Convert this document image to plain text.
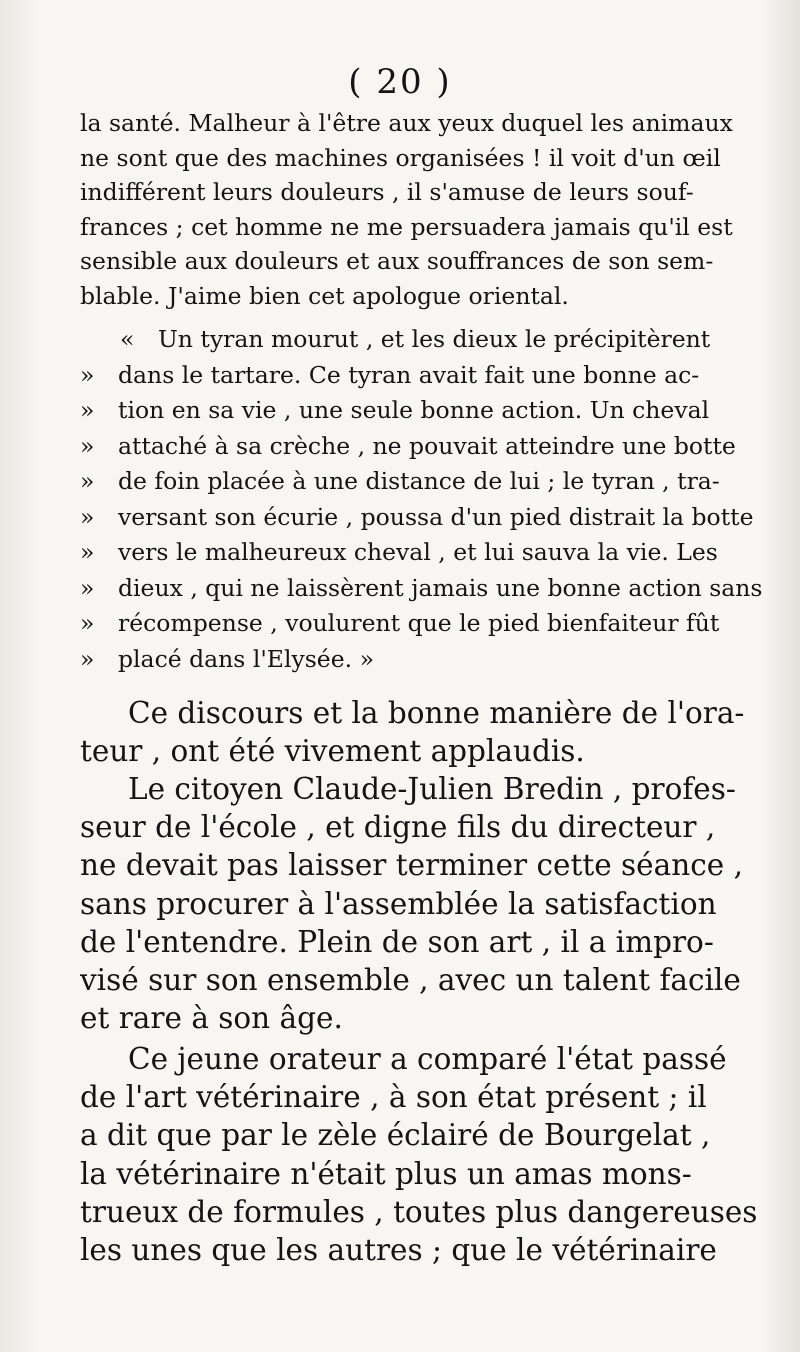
( 20 )
la santé. Malheur à l'être aux yeux duquel les animaux
ne sont que des machines organisées ! il voit d'un œil
indifférent leurs douleurs , il s'amuse de leurs souf-
frances ; cet homme ne me persuadera jamais qu'il est
sensible aux douleurs et aux souffrances de son sem-
blable. J'aime bien cet apologue oriental.
« Un tyran mourut , et les dieux le précipitèrent
» dans le tartare. Ce tyran avait fait une bonne ac-
» tion en sa vie , une seule bonne action. Un cheval
» attaché à sa crèche , ne pouvait atteindre une botte
» de foin placée à une distance de lui ; le tyran , tra-
» versant son écurie , poussa d'un pied distrait la botte
» vers le malheureux cheval , et lui sauva la vie. Les
» dieux , qui ne laissèrent jamais une bonne action sans
» récompense , voulurent que le pied bienfaiteur fût
» placé dans l'Elysée. »
Ce discours et la bonne manière de l'ora-
teur , ont été vivement applaudis.
Le citoyen Claude-Julien Bredin , profes-
seur de l'école , et digne fils du directeur ,
ne devait pas laisser terminer cette séance ,
sans procurer à l'assemblée la satisfaction
de l'entendre. Plein de son art , il a impro-
visé sur son ensemble , avec un talent facile
et rare à son âge.
Ce jeune orateur a comparé l'état passé
de l'art vétérinaire , à son état présent ; il
a dit que par le zèle éclairé de Bourgelat ,
la vétérinaire n'était plus un amas mons-
trueux de formules , toutes plus dangereuses
les unes que les autres ; que le vétérinaire
